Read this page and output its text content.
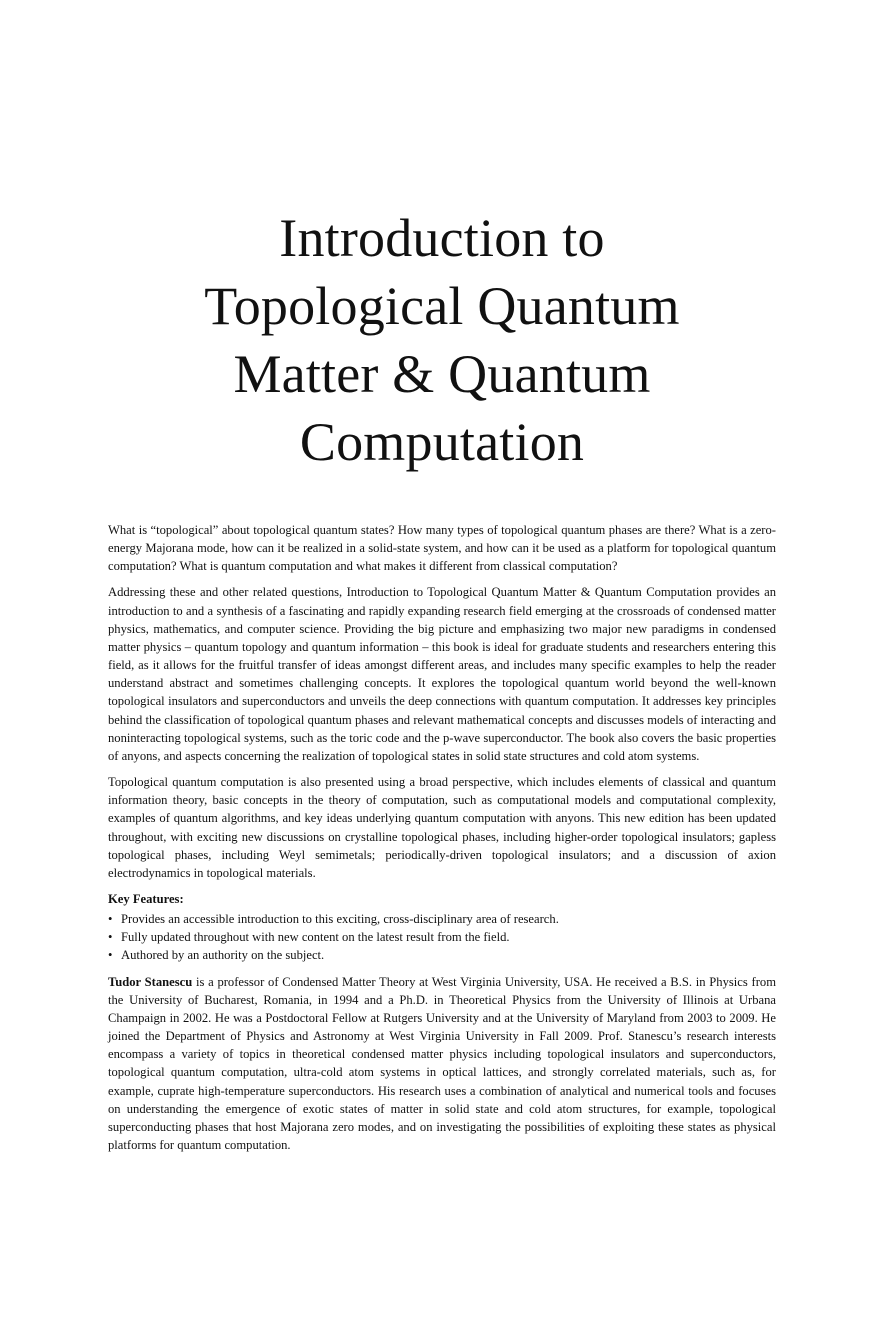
Introduction to
Topological Quantum
Matter & Quantum
Computation

What is “topological” about topological quantum states? How many types of topological quantum phases are there? What is a zero-energy Majorana mode, how can it be realized in a solid-state system, and how can it be used as a platform for topological quantum computation? What is quantum computation and what makes it different from classical computation?

Addressing these and other related questions, Introduction to Topological Quantum Matter & Quantum Computation provides an introduction to and a synthesis of a fascinating and rapidly expanding research field emerging at the crossroads of condensed matter physics, mathematics, and computer science. Providing the big picture and emphasizing two major new paradigms in condensed matter physics – quantum topology and quantum information – this book is ideal for graduate students and researchers entering this field, as it allows for the fruitful transfer of ideas amongst different areas, and includes many specific examples to help the reader understand abstract and sometimes challenging concepts. It explores the topological quantum world beyond the well-known topological insulators and superconductors and unveils the deep connections with quantum computation. It addresses key principles behind the classification of topological quantum phases and relevant mathematical concepts and discusses models of interacting and noninteracting topological systems, such as the toric code and the p-wave superconductor. The book also covers the basic properties of anyons, and aspects concerning the realization of topological states in solid state structures and cold atom systems.

Topological quantum computation is also presented using a broad perspective, which includes elements of classical and quantum information theory, basic concepts in the theory of computation, such as computational models and computational complexity, examples of quantum algorithms, and key ideas underlying quantum computation with anyons. This new edition has been updated throughout, with exciting new discussions on crystalline topological phases, including higher-order topological insulators; gapless topological phases, including Weyl semimetals; periodically-driven topological insulators; and a discussion of axion electrodynamics in topological materials.

Key Features:
• Provides an accessible introduction to this exciting, cross-disciplinary area of research.
• Fully updated throughout with new content on the latest result from the field.
• Authored by an authority on the subject.

Tudor Stanescu is a professor of Condensed Matter Theory at West Virginia University, USA. He received a B.S. in Physics from the University of Bucharest, Romania, in 1994 and a Ph.D. in Theoretical Physics from the University of Illinois at Urbana Champaign in 2002. He was a Postdoctoral Fellow at Rutgers University and at the University of Maryland from 2003 to 2009. He joined the Department of Physics and Astronomy at West Virginia University in Fall 2009. Prof. Stanescu’s research interests encompass a variety of topics in theoretical condensed matter physics including topological insulators and superconductors, topological quantum computation, ultra-cold atom systems in optical lattices, and strongly correlated materials, such as, for example, cuprate high-temperature superconductors. His research uses a combination of analytical and numerical tools and focuses on understanding the emergence of exotic states of matter in solid state and cold atom structures, for example, topological superconducting phases that host Majorana zero modes, and on investigating the possibilities of exploiting these states as physical platforms for quantum computation.
